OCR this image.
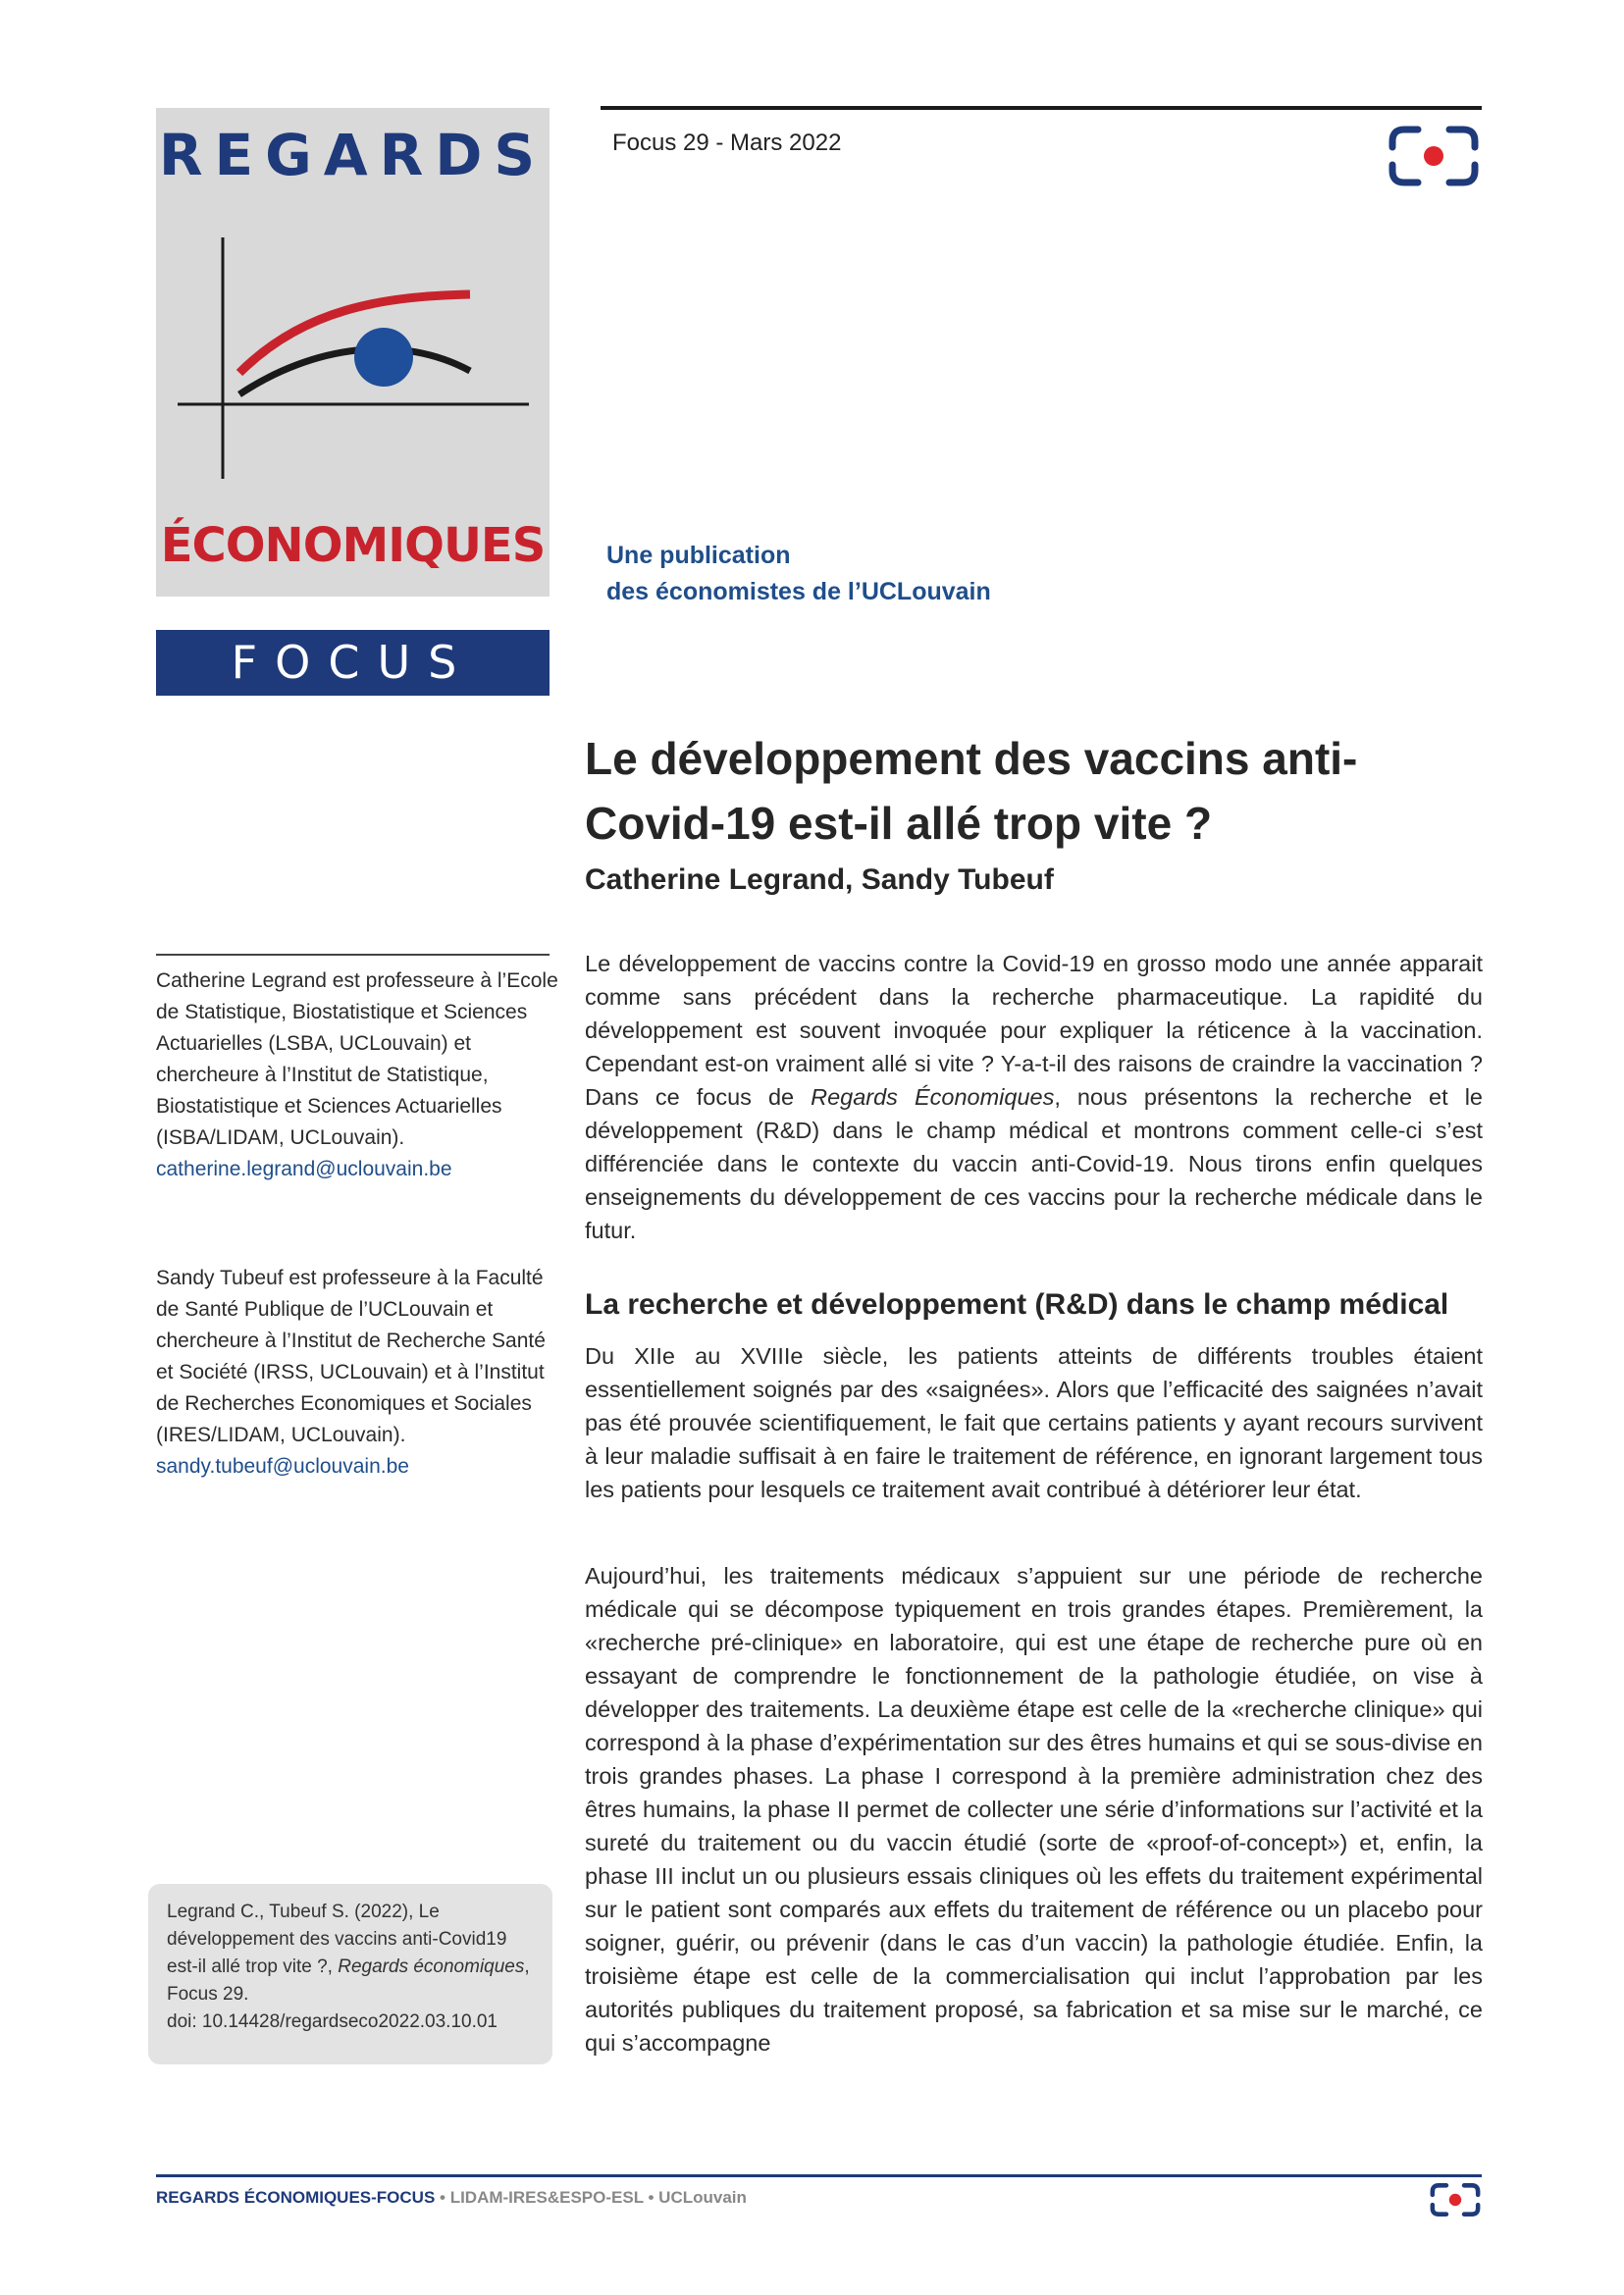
REGARDS
ÉCONOMIQUES
FOCUS
Focus 29 - Mars 2022
Une publication
des économistes de l’UCLouvain
Le développement des vaccins anti-
Covid-19 est-il allé trop vite ?
Catherine Legrand, Sandy Tubeuf
Catherine Legrand est professeure à l’Ecole de Statistique, Biostatistique et Sciences Actuarielles (LSBA, UCLouvain) et chercheure à l’Institut de Statistique, Biostatistique et Sciences Actuarielles (ISBA/LIDAM, UCLouvain).
catherine.legrand@uclouvain.be
Sandy Tubeuf est professeure à la Faculté de Santé Publique de l’UCLouvain et chercheure à l’Institut de Recherche Santé et Société (IRSS, UCLouvain) et à l’Institut de Recherches Economiques et Sociales (IRES/LIDAM, UCLouvain).
sandy.tubeuf@uclouvain.be
Legrand C., Tubeuf S. (2022), Le développement des vaccins anti-Covid19 est-il allé trop vite ?, Regards économiques, Focus 29.
doi: 10.14428/regardseco2022.03.10.01
Le développement de vaccins contre la Covid-19 en grosso modo une année apparait comme sans précédent dans la recherche pharmaceutique. La rapidité du développement est souvent invoquée pour expliquer la réticence à la vaccination. Cependant est-on vraiment allé si vite ? Y-a-t-il des raisons de craindre la vaccination ? Dans ce focus de Regards Économiques, nous présentons la recherche et le développement (R&D) dans le champ médical et montrons comment celle-ci s’est différenciée dans le contexte du vaccin anti-Covid-19. Nous tirons enfin quelques enseignements du développement de ces vaccins pour la recherche médicale dans le futur.
La recherche et développement (R&D) dans le champ médical
Du XIIe au XVIIIe siècle, les patients atteints de différents troubles étaient essentiellement soignés par des «saignées». Alors que l’efficacité des saignées n’avait pas été prouvée scientifiquement, le fait que certains patients y ayant recours survivent à leur maladie suffisait à en faire le traitement de référence, en ignorant largement tous les patients pour lesquels ce traitement avait contribué à détériorer leur état.
Aujourd’hui, les traitements médicaux s’appuient sur une période de recherche médicale qui se décompose typiquement en trois grandes étapes. Premièrement, la «recherche pré-clinique» en laboratoire, qui est une étape de recherche pure où en essayant de comprendre le fonctionnement de la pathologie étudiée, on vise à développer des traitements. La deuxième étape est celle de la «recherche clinique» qui correspond à la phase d’expérimentation sur des êtres humains et qui se sous-divise en trois grandes phases. La phase I correspond à la première administration chez des êtres humains, la phase II permet de collecter une série d’informations sur l’activité et la sureté du traitement ou du vaccin étudié (sorte de «proof-of-concept») et, enfin, la phase III inclut un ou plusieurs essais cliniques où les effets du traitement expérimental sur le patient sont comparés aux effets du traitement de référence ou un placebo pour soigner, guérir, ou prévenir (dans le cas d’un vaccin) la pathologie étudiée. Enfin, la troisième étape est celle de la commercialisation qui inclut l’approbation par les autorités publiques du traitement proposé, sa fabrication et sa mise sur le marché, ce qui s’accompagne
REGARDS ÉCONOMIQUES-FOCUS • LIDAM-IRES&ESPO-ESL • UCLouvain
